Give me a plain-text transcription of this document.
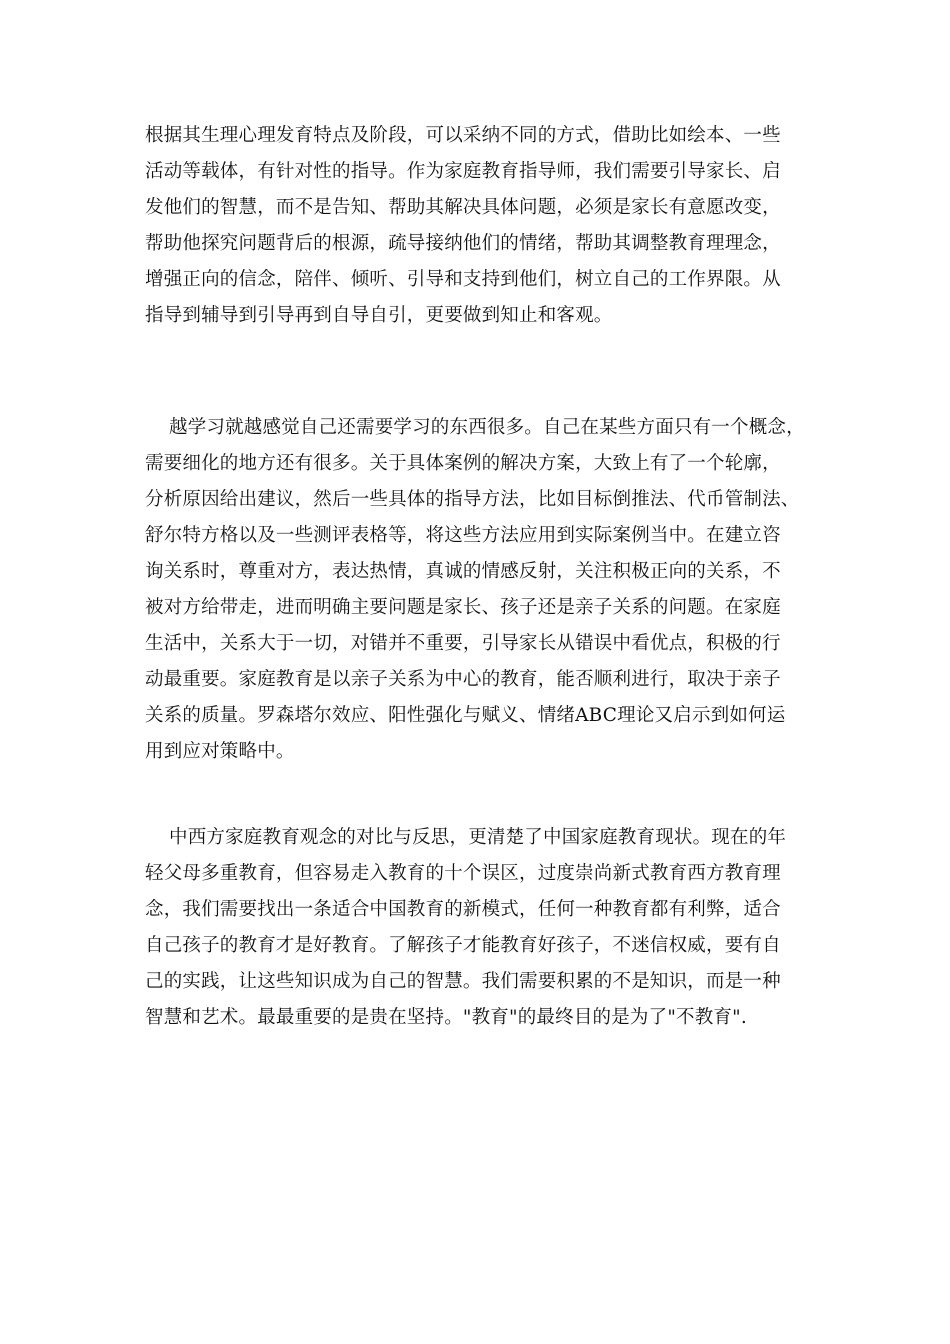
根据其生理心理发育特点及阶段，可以采纳不同的方式，借助比如绘本、一些
活动等载体，有针对性的指导。作为家庭教育指导师，我们需要引导家长、启
发他们的智慧，而不是告知、帮助其解决具体问题，必须是家长有意愿改变，
帮助他探究问题背后的根源，疏导接纳他们的情绪，帮助其调整教育理理念，
增强正向的信念，陪伴、倾听、引导和支持到他们，树立自己的工作界限。从
指导到辅导到引导再到自导自引，更要做到知止和客观。
越学习就越感觉自己还需要学习的东西很多。自己在某些方面只有一个概念，
需要细化的地方还有很多。关于具体案例的解决方案，大致上有了一个轮廓，
分析原因给出建议，然后一些具体的指导方法，比如目标倒推法、代币管制法、
舒尔特方格以及一些测评表格等，将这些方法应用到实际案例当中。在建立咨
询关系时，尊重对方，表达热情，真诚的情感反射，关注积极正向的关系，不
被对方给带走，进而明确主要问题是家长、孩子还是亲子关系的问题。在家庭
生活中，关系大于一切，对错并不重要，引导家长从错误中看优点，积极的行
动最重要。家庭教育是以亲子关系为中心的教育，能否顺利进行，取决于亲子
关系的质量。罗森塔尔效应、阳性强化与赋义、情绪ABC理论又启示到如何运
用到应对策略中。
中西方家庭教育观念的对比与反思，更清楚了中国家庭教育现状。现在的年
轻父母多重教育，但容易走入教育的十个误区，过度崇尚新式教育西方教育理
念，我们需要找出一条适合中国教育的新模式，任何一种教育都有利弊，适合
自己孩子的教育才是好教育。了解孩子才能教育好孩子，不迷信权威，要有自
己的实践，让这些知识成为自己的智慧。我们需要积累的不是知识，而是一种
智慧和艺术。最最重要的是贵在坚持。"教育"的最终目的是为了"不教育".
